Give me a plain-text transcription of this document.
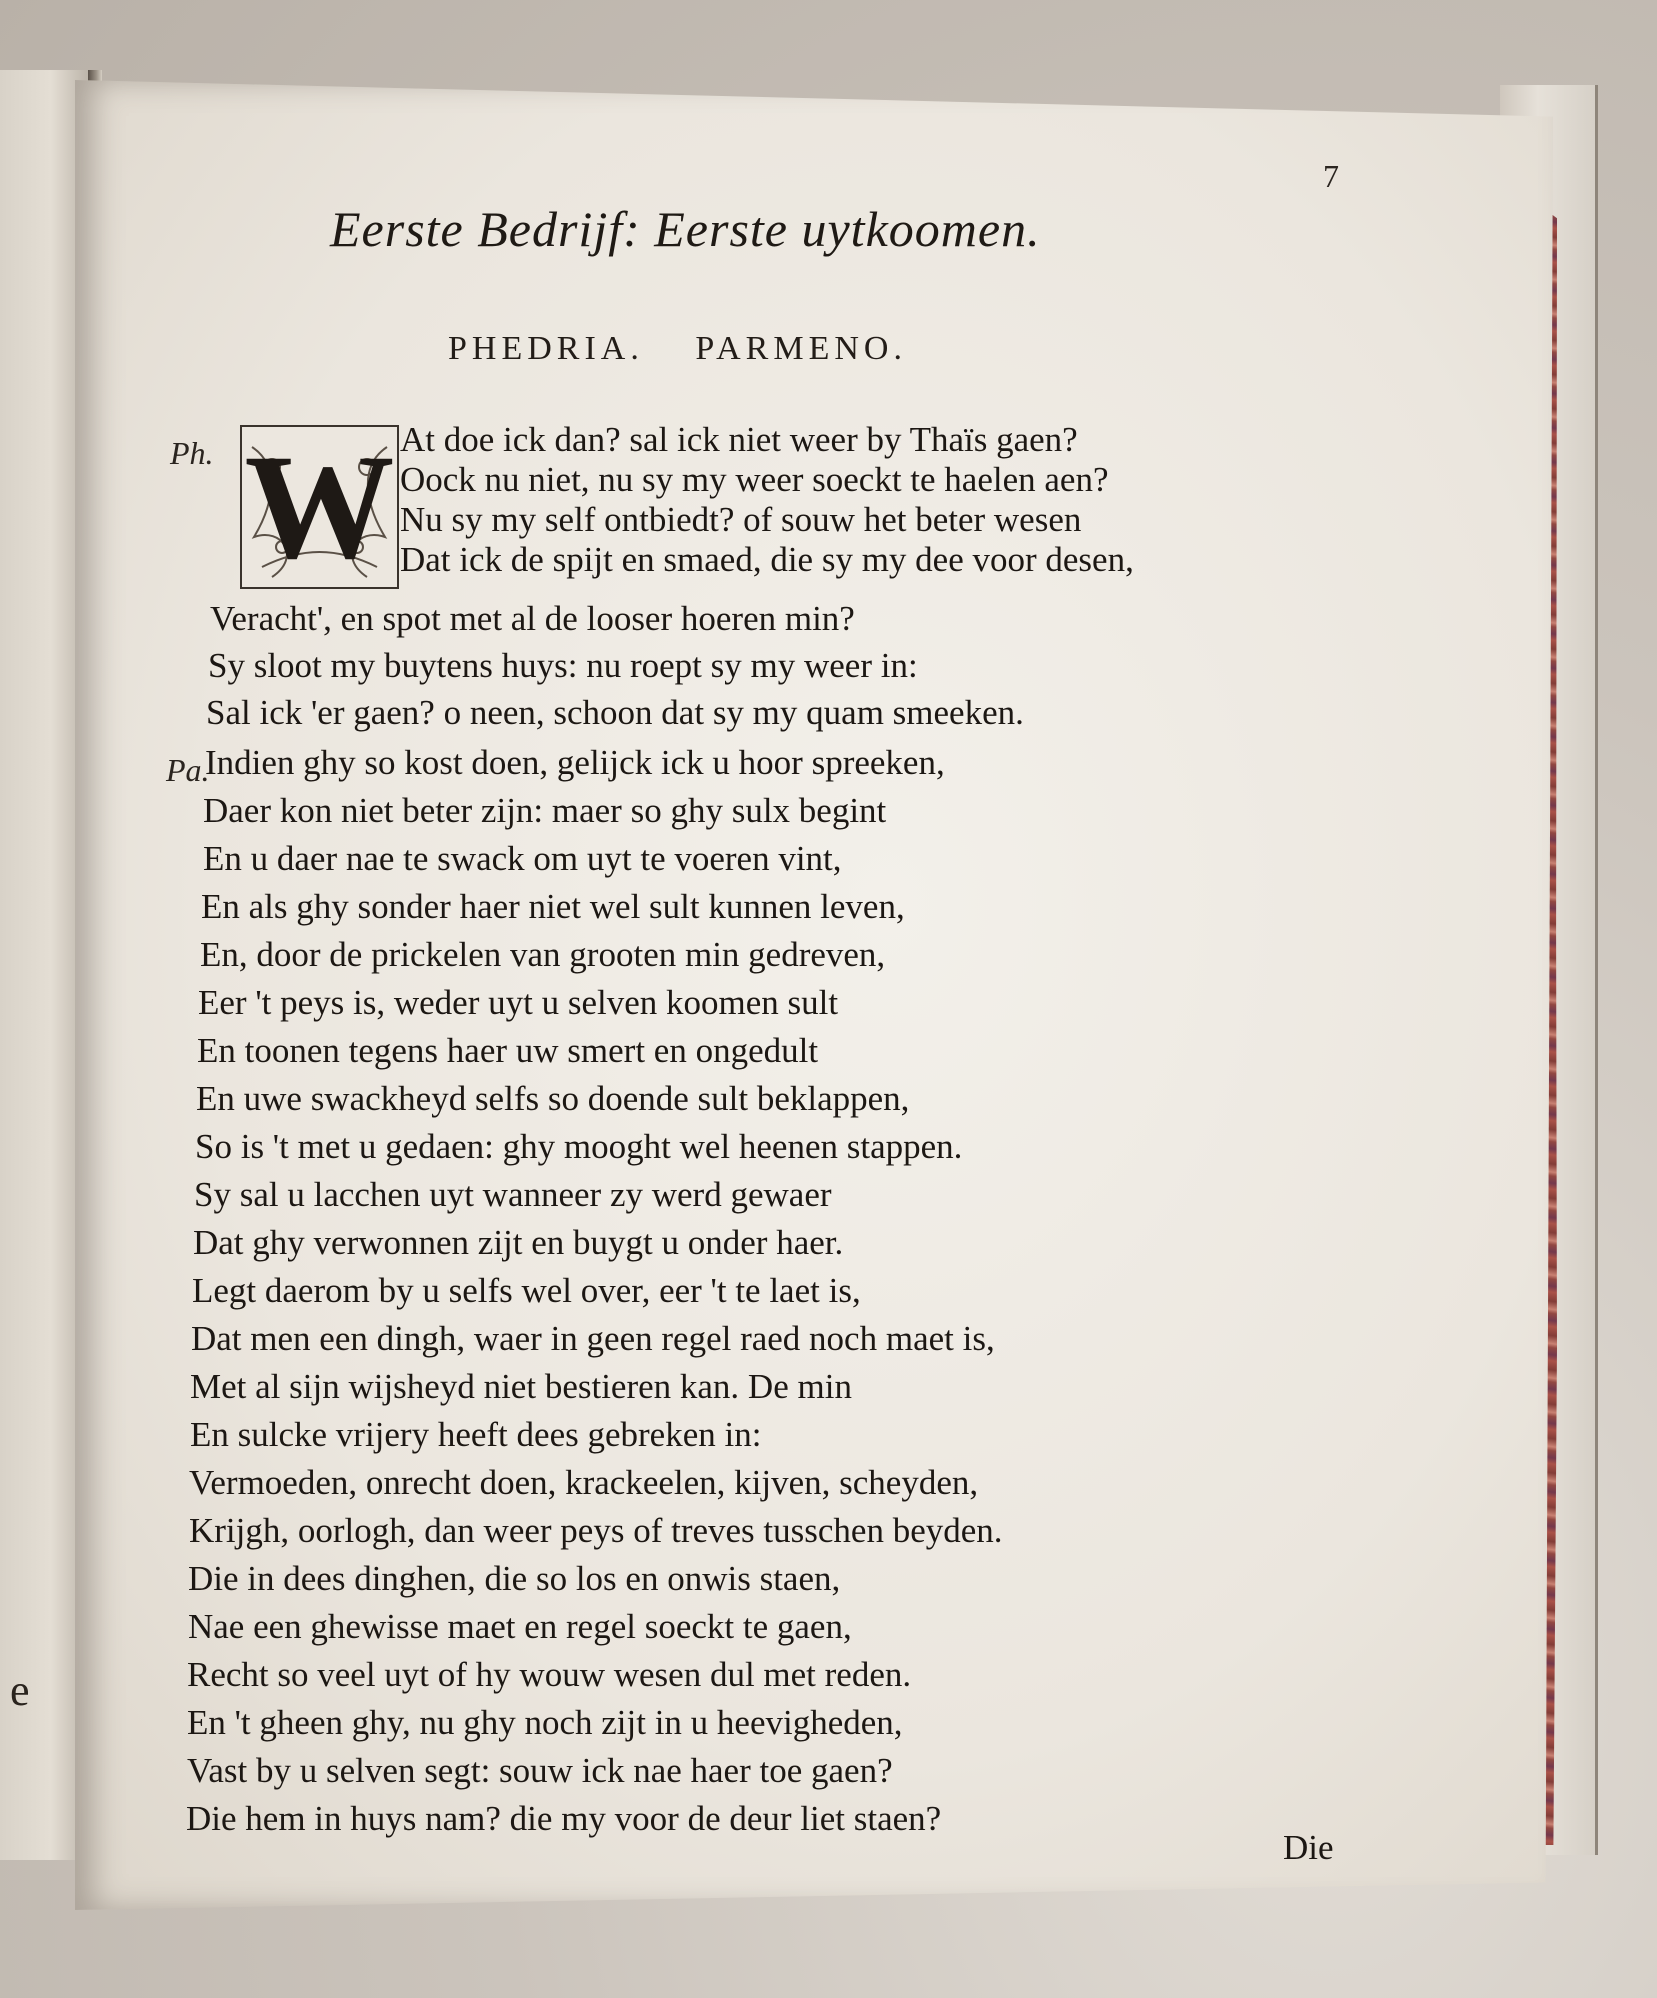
e
7
Eerste Bedrijf: Eerste uytkoomen.
PHEDRIA. PARMENO.
Ph.
Pa.
W At doe ick dan? sal ick niet weer by Thaïs gaen?
Oock nu niet, nu sy my weer soeckt te haelen aen?
Nu sy my self ontbiedt? of souw het beter wesen
Dat ick de spijt en smaed, die sy my dee voor desen,
Veracht', en spot met al de looser hoeren min?
Sy sloot my buytens huys: nu roept sy my weer in:
Sal ick 'er gaen? o neen, schoon dat sy my quam smeeken.
Indien ghy so kost doen, gelijck ick u hoor spreeken,
Daer kon niet beter zijn: maer so ghy sulx begint
En u daer nae te swack om uyt te voeren vint,
En als ghy sonder haer niet wel sult kunnen leven,
En, door de prickelen van grooten min gedreven,
Eer 't peys is, weder uyt u selven koomen sult
En toonen tegens haer uw smert en ongedult
En uwe swackheyd selfs so doende sult beklappen,
So is 't met u gedaen: ghy mooght wel heenen stappen.
Sy sal u lacchen uyt wanneer zy werd gewaer
Dat ghy verwonnen zijt en buygt u onder haer.
Legt daerom by u selfs wel over, eer 't te laet is,
Dat men een dingh, waer in geen regel raed noch maet is,
Met al sijn wijsheyd niet bestieren kan. De min
En sulcke vrijery heeft dees gebreken in:
Vermoeden, onrecht doen, krackeelen, kijven, scheyden,
Krijgh, oorlogh, dan weer peys of treves tusschen beyden.
Die in dees dinghen, die so los en onwis staen,
Nae een ghewisse maet en regel soeckt te gaen,
Recht so veel uyt of hy wouw wesen dul met reden.
En 't gheen ghy, nu ghy noch zijt in u heevigheden,
Vast by u selven segt: souw ick nae haer toe gaen?
Die hem in huys nam? die my voor de deur liet staen?
Die
